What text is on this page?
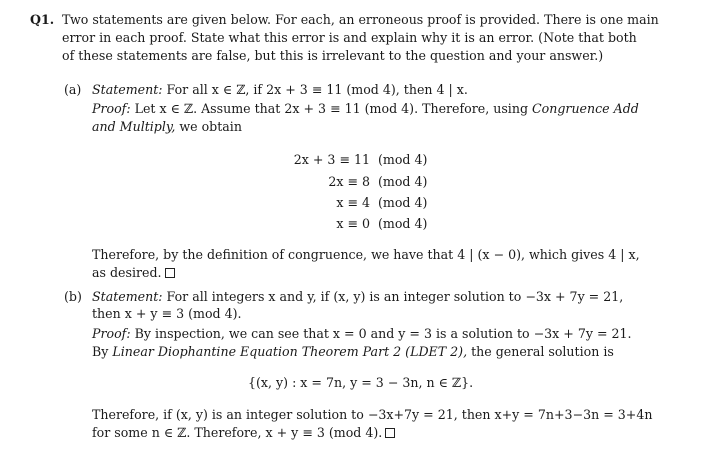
Q1. Two statements are given below. For each, an erroneous proof is provided. There is one main
error in each proof. State what this error is and explain why it is an error. (Note that both
of these statements are false, but this is irrelevant to the question and your answer.)
(a) Statement: For all x ∈ ℤ, if 2x + 3 ≡ 11 (mod 4), then 4 | x.
Proof: Let x ∈ ℤ. Assume that 2x + 3 ≡ 11 (mod 4). Therefore, using Congruence Add
and Multiply, we obtain
2x + 3 ≡ 11 (mod 4)
2x ≡ 8 (mod 4)
x ≡ 4 (mod 4)
x ≡ 0 (mod 4)
Therefore, by the definition of congruence, we have that 4 | (x − 0), which gives 4 | x,
as desired.
(b) Statement: For all integers x and y, if (x, y) is an integer solution to −3x + 7y = 21,
then x + y ≡ 3 (mod 4).
Proof: By inspection, we can see that x = 0 and y = 3 is a solution to −3x + 7y = 21.
By Linear Diophantine Equation Theorem Part 2 (LDET 2), the general solution is
{(x, y) : x = 7n, y = 3 − 3n, n ∈ ℤ}.
Therefore, if (x, y) is an integer solution to −3x+7y = 21, then x+y = 7n+3−3n = 3+4n
for some n ∈ ℤ. Therefore, x + y ≡ 3 (mod 4).
